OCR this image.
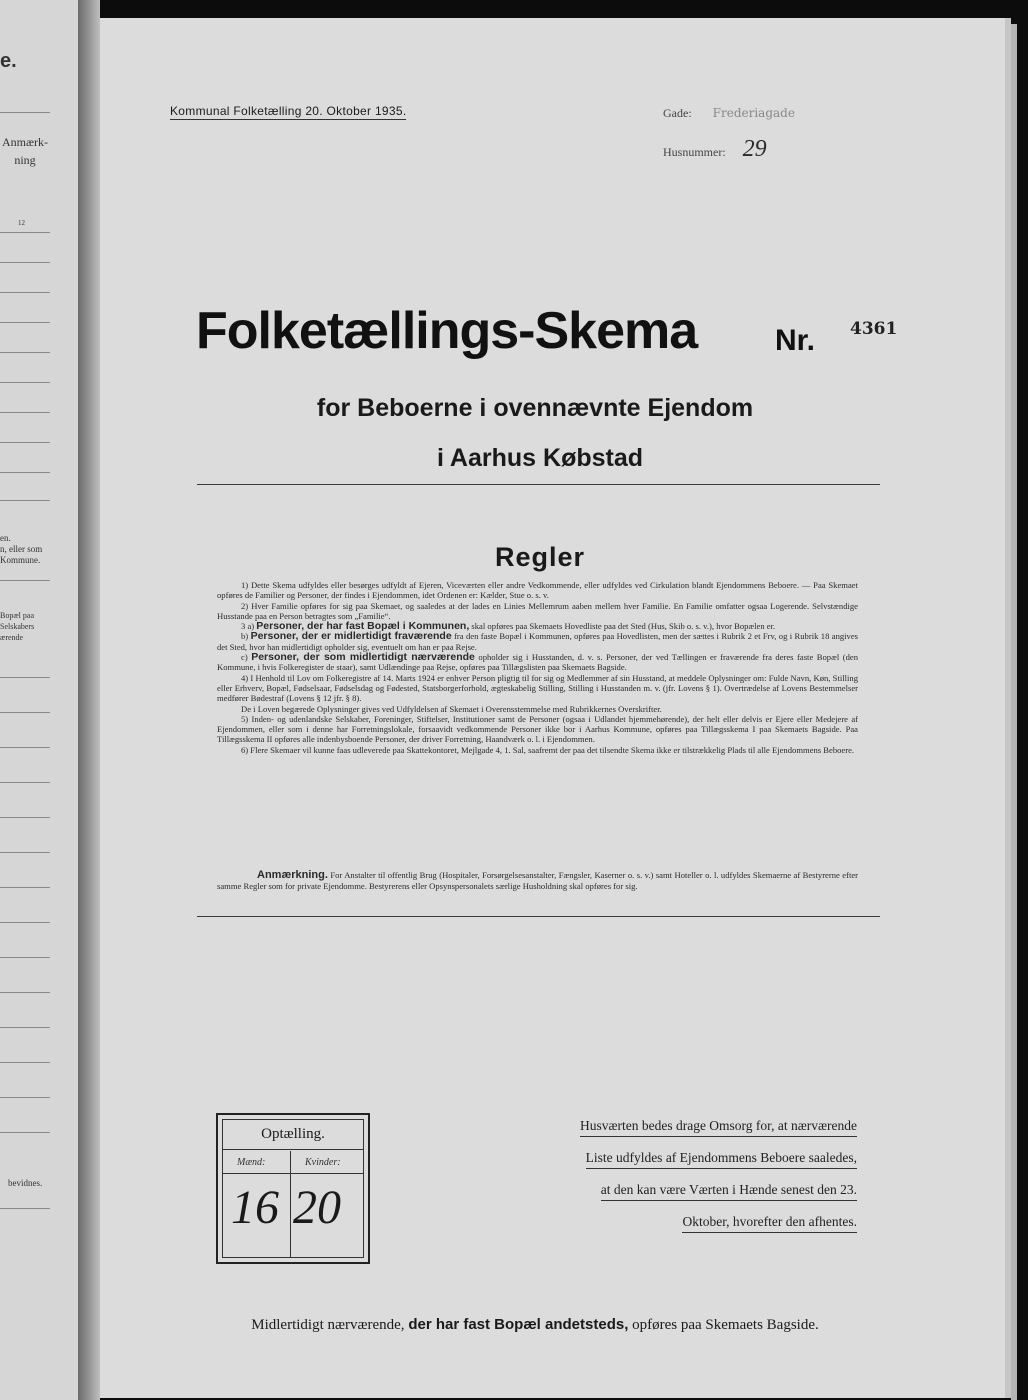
e.
Anmærk-
ning
12
en.
n, eller som
Kommune.
Bopæl paa
Selskabers
ærende
bevidnes.
Kommunal Folketælling 20. Oktober 1935.	Gade: Frederiagade
Husnummer: 29
Folketællings-Skema	Nr. 4361
for Beboerne i ovennævnte Ejendom
i Aarhus Købstad
Regler

1) Dette Skema udfyldes eller besørges udfyldt af Ejeren, Viceværten eller andre Vedkommende, eller udfyldes ved Cirkulation blandt Ejendommens Beboere. — Paa Skemaet opføres de Familier og Personer, der findes i Ejendommen, idet Ordenen er: Kælder, Stue o. s. v.

2) Hver Familie opføres for sig paa Skemaet, og saaledes at der lades en Linies Mellemrum aaben mellem hver Familie. En Familie omfatter ogsaa Logerende. Selvstændige Husstande paa en Person betragtes som „Familie“.

3 a) Personer, der har fast Bopæl i Kommunen, skal opføres paa Skemaets Hovedliste paa det Sted (Hus, Skib o. s. v.), hvor Bopælen er.

b) Personer, der er midlertidigt fraværende fra den faste Bopæl i Kommunen, opføres paa Hovedlisten, men der sættes i Rubrik 2 et Frv, og i Rubrik 18 angives det Sted, hvor han midlertidigt opholder sig, eventuelt om han er paa Rejse.

c) Personer, der som midlertidigt nærværende opholder sig i Husstanden, d. v. s. Personer, der ved Tællingen er fraværende fra deres faste Bopæl (den Kommune, i hvis Folkeregister de staar), samt Udlændinge paa Rejse, opføres paa Tillægslisten paa Skemaets Bagside.

4) I Henhold til Lov om Folkeregistre af 14. Marts 1924 er enhver Person pligtig til for sig og Medlemmer af sin Husstand, at meddele Oplysninger om: Fulde Navn, Køn, Stilling eller Erhverv, Bopæl, Fødselsaar, Fødselsdag og Fødested, Statsborgerforhold, ægteskabelig Stilling, Stilling i Husstanden m. v. (jfr. Lovens § 1). Overtrædelse af Lovens Bestemmelser medfører Bødestraf (Lovens § 12 jfr. § 8).

De i Loven begærede Oplysninger gives ved Udfyldelsen af Skemaet i Overensstemmelse med Rubrikkernes Overskrifter.

5) Inden- og udenlandske Selskaber, Foreninger, Stiftelser, Institutioner samt de Personer (ogsaa i Udlandet hjemmehørende), der helt eller delvis er Ejere eller Medejere af Ejendommen, eller som i denne har Forretningslokale, forsaavidt vedkommende Personer ikke bor i Aarhus Kommune, opføres paa Tillægsskema I paa Skemaets Bagside. Paa Tillægsskema II opføres alle indenbysboende Personer, der driver Forretning, Haandværk o. l. i Ejendommen.

6) Flere Skemaer vil kunne faas udleverede paa Skattekontoret, Mejlgade 4, 1. Sal, saafremt der paa det tilsendte Skema ikke er tilstrækkelig Plads til alle Ejendommens Beboere.

Anmærkning. For Anstalter til offentlig Brug (Hospitaler, Forsørgelsesanstalter, Fængsler, Kaserner o. s. v.) samt Hoteller o. l. udfyldes Skemaerne af Bestyrerne efter samme Regler som for private Ejendomme. Bestyrerens eller Opsynspersonalets særlige Husholdning skal opføres for sig.
Optælling.
Mænd:	Kvinder:
16 20
Husværten bedes drage Omsorg for, at nærværende
Liste udfyldes af Ejendommens Beboere saaledes,
at den kan være Værten i Hænde senest den 23.
Oktober, hvorefter den afhentes.
Midlertidigt nærværende, der har fast Bopæl andetsteds, opføres paa Skemaets Bagside.
